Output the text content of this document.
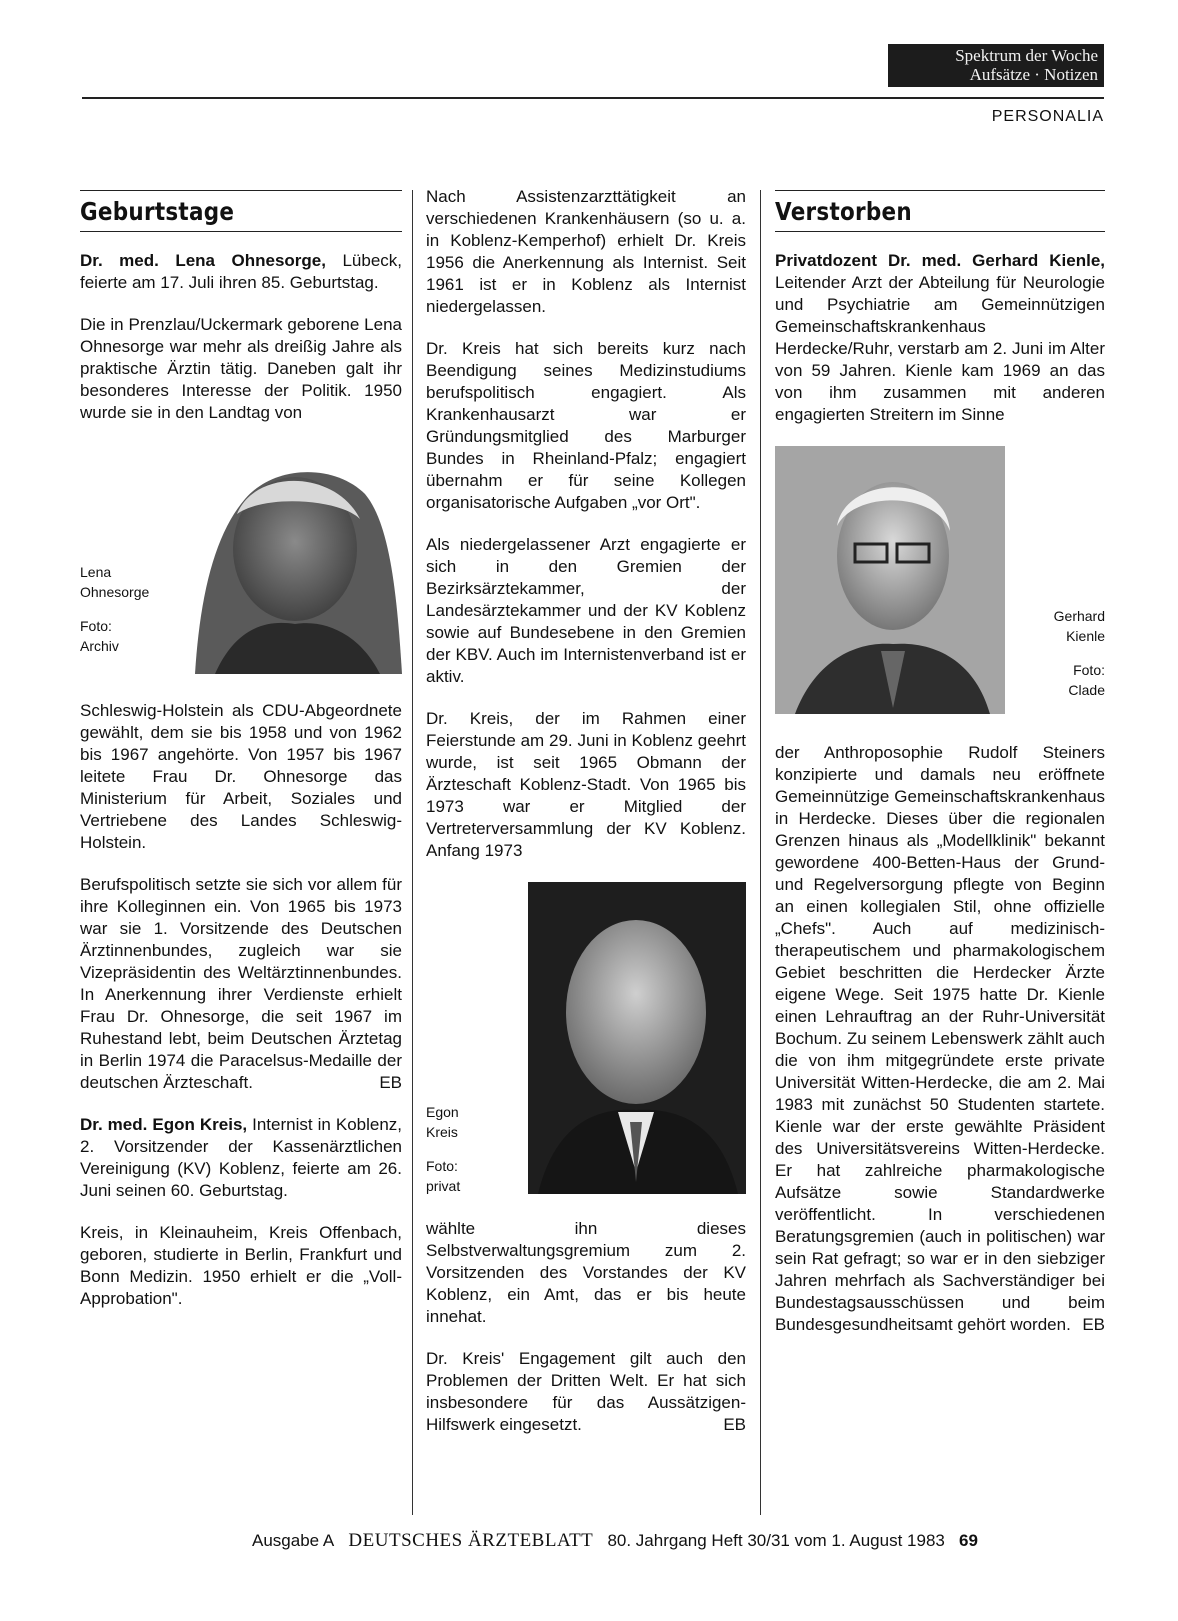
Spektrum der Woche
Aufsätze · Notizen
PERSONALIA
Geburtstage

Dr. med. Lena Ohnesorge, Lübeck, feierte am 17. Juli ihren 85. Geburtstag.

Die in Prenzlau/Uckermark geborene Lena Ohnesorge war mehr als dreißig Jahre als praktische Ärztin tätig. Daneben galt ihr besonderes Interesse der Politik. 1950 wurde sie in den Landtag von

Lena
Ohnesorge
Foto:
Archiv

Schleswig-Holstein als CDU-Abgeordnete gewählt, dem sie bis 1958 und von 1962 bis 1967 angehörte. Von 1957 bis 1967 leitete Frau Dr. Ohnesorge das Ministerium für Arbeit, Soziales und Vertriebene des Landes Schleswig-Holstein.

Berufspolitisch setzte sie sich vor allem für ihre Kolleginnen ein. Von 1965 bis 1973 war sie 1. Vorsitzende des Deutschen Ärztinnenbundes, zugleich war sie Vizepräsidentin des Weltärztinnenbundes. In Anerkennung ihrer Verdienste erhielt Frau Dr. Ohnesorge, die seit 1967 im Ruhestand lebt, beim Deutschen Ärztetag in Berlin 1974 die Paracelsus-Medaille der deutschen Ärzteschaft.	EB

Dr. med. Egon Kreis, Internist in Koblenz, 2. Vorsitzender der Kassenärztlichen Vereinigung (KV) Koblenz, feierte am 26. Juni seinen 60. Geburtstag.

Kreis, in Kleinauheim, Kreis Offenbach, geboren, studierte in Berlin, Frankfurt und Bonn Medizin. 1950 erhielt er die „Voll-Approbation".

Nach Assistenzarzttätigkeit an verschiedenen Krankenhäusern (so u. a. in Koblenz-Kemperhof) erhielt Dr. Kreis 1956 die Anerkennung als Internist. Seit 1961 ist er in Koblenz als Internist niedergelassen.

Dr. Kreis hat sich bereits kurz nach Beendigung seines Medizinstudiums berufspolitisch engagiert. Als Krankenhausarzt war er Gründungsmitglied des Marburger Bundes in Rheinland-Pfalz; engagiert übernahm er für seine Kollegen organisatorische Aufgaben „vor Ort".

Als niedergelassener Arzt engagierte er sich in den Gremien der Bezirksärztekammer, der Landesärztekammer und der KV Koblenz sowie auf Bundesebene in den Gremien der KBV. Auch im Internistenverband ist er aktiv.

Dr. Kreis, der im Rahmen einer Feierstunde am 29. Juni in Koblenz geehrt wurde, ist seit 1965 Obmann der Ärzteschaft Koblenz-Stadt. Von 1965 bis 1973 war er Mitglied der Vertreterversammlung der KV Koblenz. Anfang 1973

Egon
Kreis
Foto:
privat

wählte ihn dieses Selbstverwaltungsgremium zum 2. Vorsitzenden des Vorstandes der KV Koblenz, ein Amt, das er bis heute innehat.

Dr. Kreis' Engagement gilt auch den Problemen der Dritten Welt. Er hat sich insbesondere für das Aussätzigen-Hilfswerk eingesetzt.	EB

Verstorben

Privatdozent Dr. med. Gerhard Kienle, Leitender Arzt der Abteilung für Neurologie und Psychiatrie am Gemeinnützigen Gemeinschaftskrankenhaus Herdecke/Ruhr, verstarb am 2. Juni im Alter von 59 Jahren. Kienle kam 1969 an das von ihm zusammen mit anderen engagierten Streitern im Sinne

Gerhard
Kienle
Foto:
Clade

der Anthroposophie Rudolf Steiners konzipierte und damals neu eröffnete Gemeinnützige Gemeinschaftskrankenhaus in Herdecke. Dieses über die regionalen Grenzen hinaus als „Modellklinik" bekannt gewordene 400-Betten-Haus der Grund- und Regelversorgung pflegte von Beginn an einen kollegialen Stil, ohne offizielle „Chefs". Auch auf medizinisch-therapeutischem und pharmakologischem Gebiet beschritten die Herdecker Ärzte eigene Wege. Seit 1975 hatte Dr. Kienle einen Lehrauftrag an der Ruhr-Universität Bochum. Zu seinem Lebenswerk zählt auch die von ihm mitgegründete erste private Universität Witten-Herdecke, die am 2. Mai 1983 mit zunächst 50 Studenten startete. Kienle war der erste gewählte Präsident des Universitätsvereins Witten-Herdecke. Er hat zahlreiche pharmakologische Aufsätze sowie Standardwerke veröffentlicht. In verschiedenen Beratungsgremien (auch in politischen) war sein Rat gefragt; so war er in den siebziger Jahren mehrfach als Sachverständiger bei Bundestagsausschüssen und beim Bundesgesundheitsamt gehört worden. EB

Ausgabe A DEUTSCHES ÄRZTEBLATT 80. Jahrgang Heft 30/31 vom 1. August 1983 69
